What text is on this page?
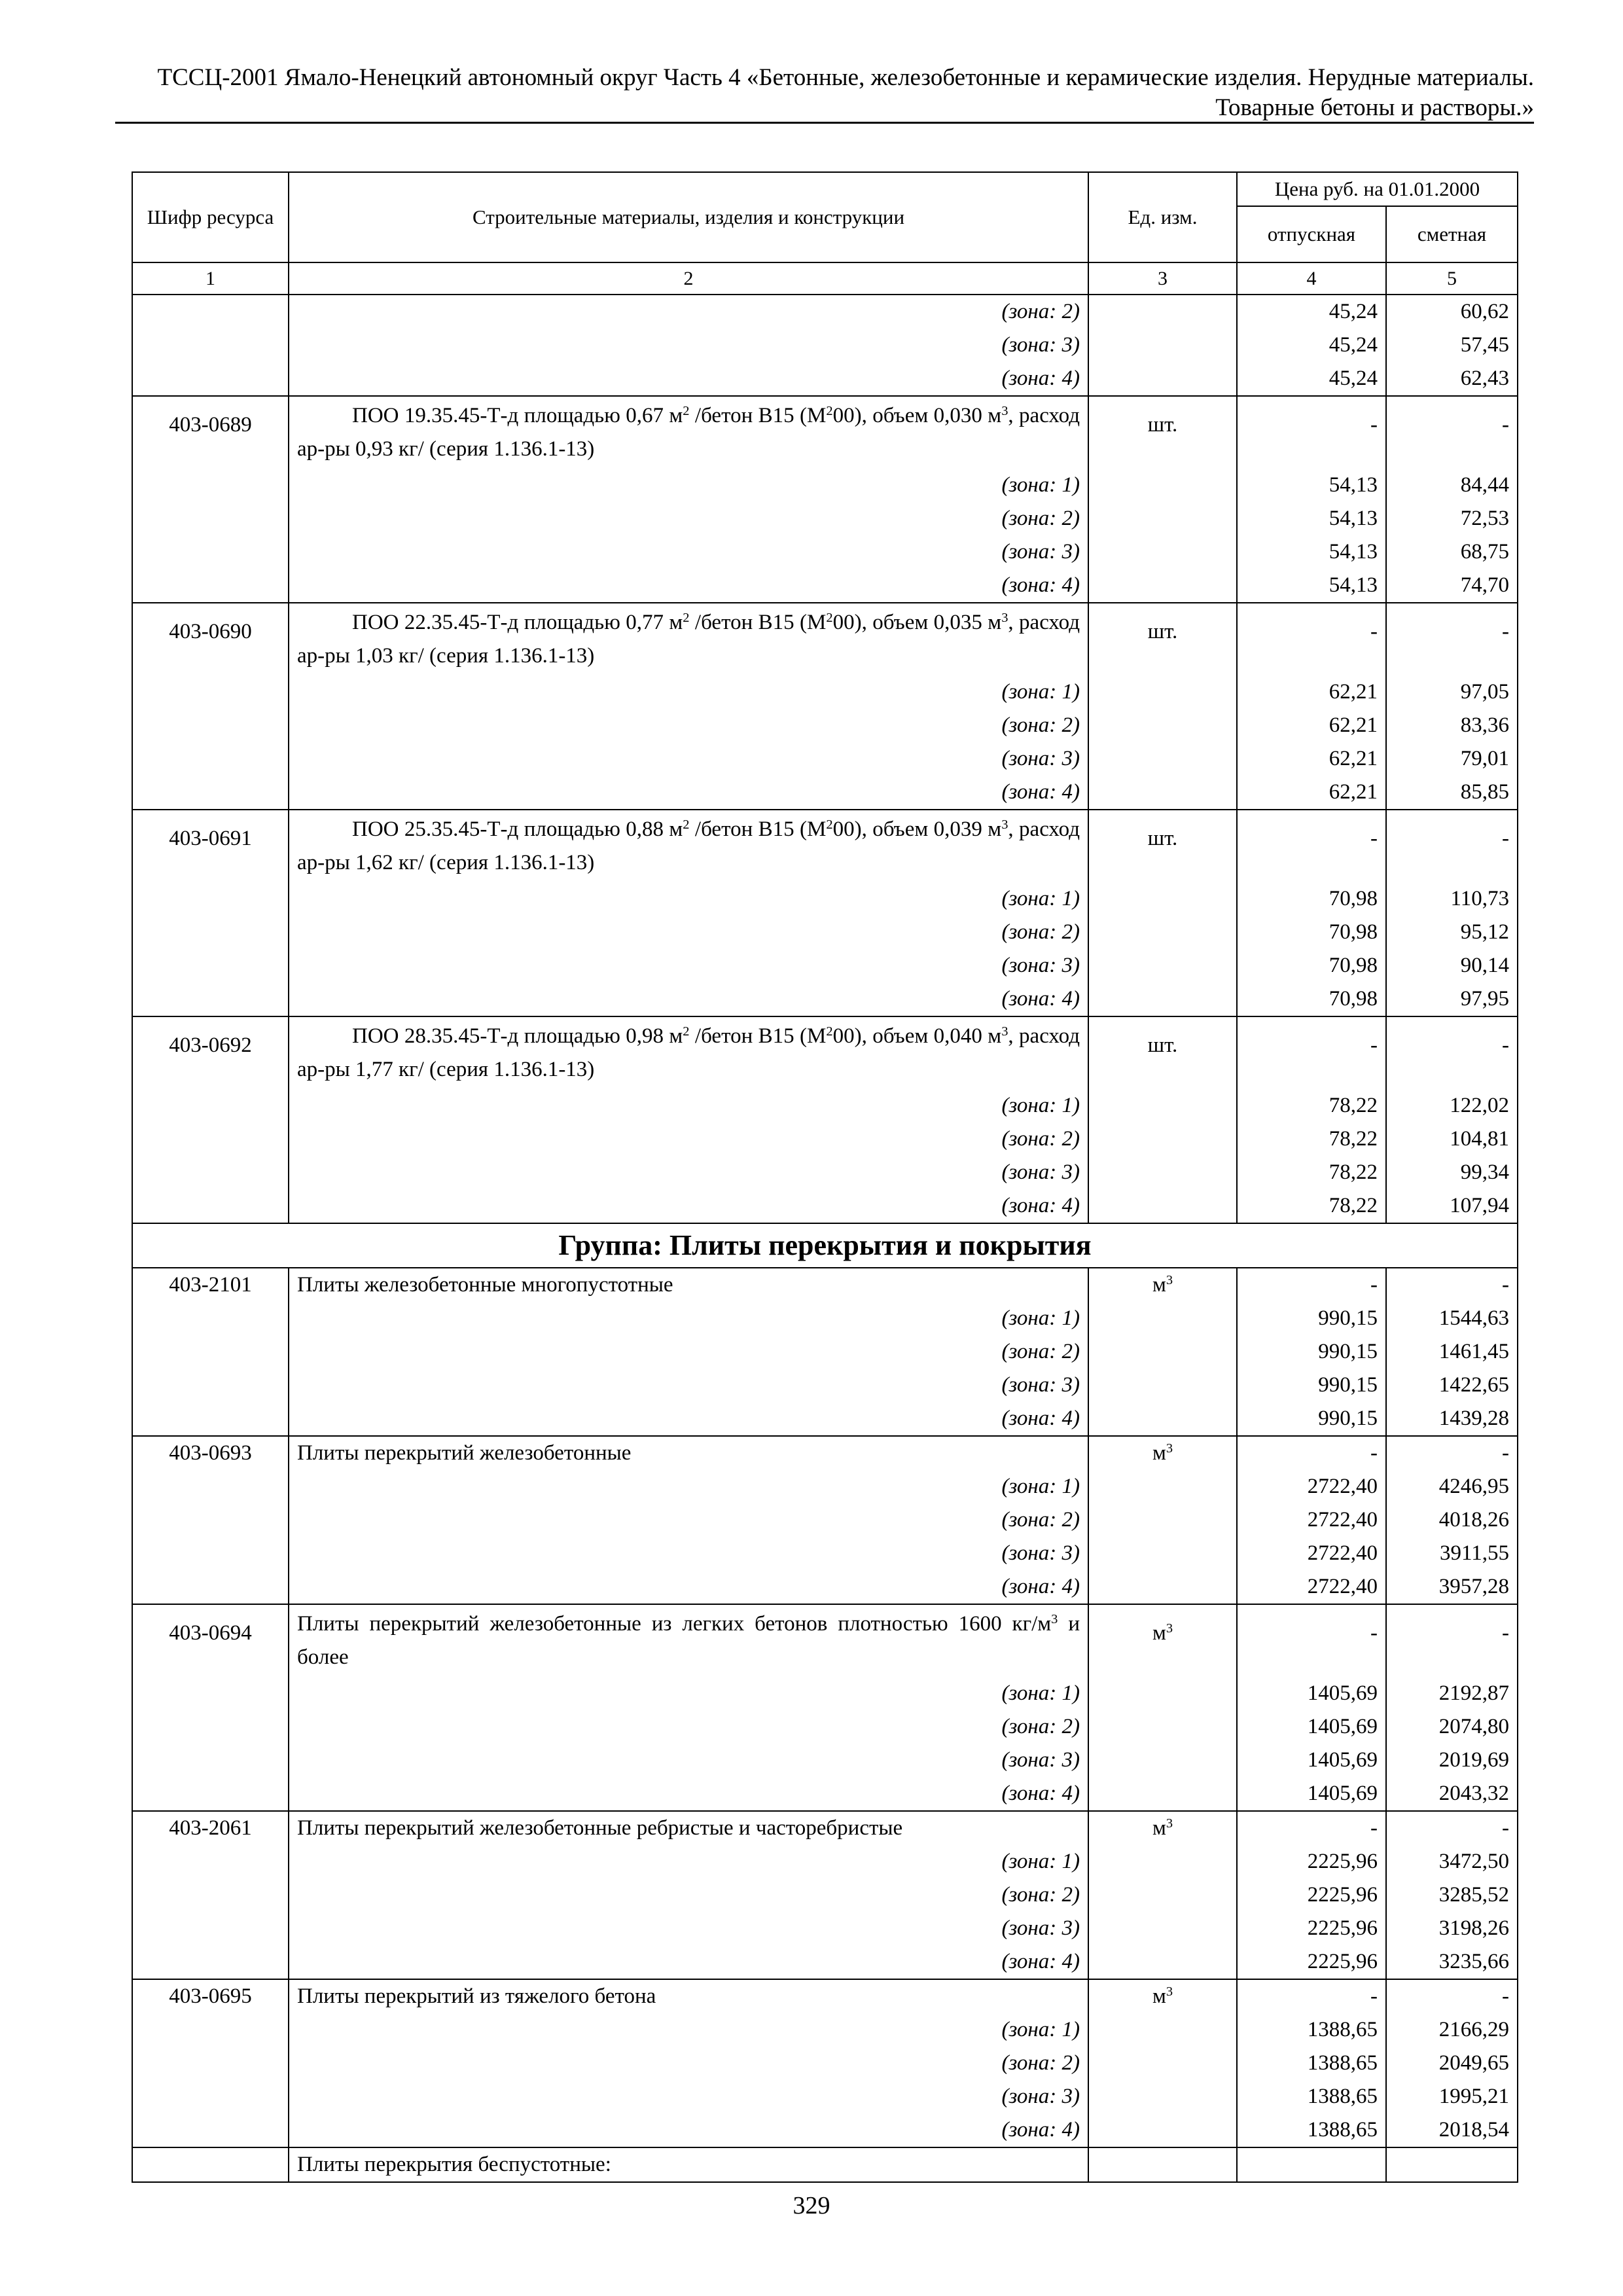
ТССЦ-2001 Ямало-Ненецкий автономный округ Часть 4 «Бетонные, железобетонные и керамические изделия. Нерудные материалы.
Товарные бетоны и растворы.»
Шифр ресурса	Строительные материалы, изделия и конструкции	Ед. изм.	Цена руб. на 01.01.2000	
			отпускная	сметная
1	2	3	4	5
	(зона: 2)		45,24	60,62
	(зона: 3)		45,24	57,45
	(зона: 4)		45,24	62,43
403-0689	ПОО 19.35.45-Т-д площадью 0,67 $м^2$ /бетон В15 $(М^200)$, объем 0,030 $м^3$, расход ар-ры 0,93 кг/ (серия 1.136.1-13)	шт.	-	-
	(зона: 1)		54,13	84,44
	(зона: 2)		54,13	72,53
	(зона: 3)		54,13	68,75
	(зона: 4)		54,13	74,70
403-0690	ПОО 22.35.45-Т-д площадью 0,77 $м^2$ /бетон В15 $(М^200)$, объем 0,035 $м^3$, расход ар-ры 1,03 кг/ (серия 1.136.1-13)	шт.	-	-
	(зона: 1)		62,21	97,05
	(зона: 2)		62,21	83,36
	(зона: 3)		62,21	79,01
	(зона: 4)		62,21	85,85
403-0691	ПОО 25.35.45-Т-д площадью 0,88 $м^2$ /бетон В15 $(М^200)$, объем 0,039 $м^3$, расход ар-ры 1,62 кг/ (серия 1.136.1-13)	шт.	-	-
	(зона: 1)		70,98	110,73
	(зона: 2)		70,98	95,12
	(зона: 3)		70,98	90,14
	(зона: 4)		70,98	97,95
403-0692	ПОО 28.35.45-Т-д площадью 0,98 $м^2$ /бетон В15 $(М^200)$, объем 0,040 $м^3$, расход ар-ры 1,77 кг/ (серия 1.136.1-13)	шт.	-	-
	(зона: 1)		78,22	122,02
	(зона: 2)		78,22	104,81
	(зона: 3)		78,22	99,34
	(зона: 4)		78,22	107,94
Группа: Плиты перекрытия и покрытия				
403-2101	Плиты железобетонные многопустотные	$м^3$	-	-
	(зона: 1)		990,15	1544,63
	(зона: 2)		990,15	1461,45
	(зона: 3)		990,15	1422,65
	(зона: 4)		990,15	1439,28
403-0693	Плиты перекрытий железобетонные	$м^3$	-	-
	(зона: 1)		2722,40	4246,95
	(зона: 2)		2722,40	4018,26
	(зона: 3)		2722,40	3911,55
	(зона: 4)		2722,40	3957,28
403-0694	Плиты перекрытий железобетонные из легких бетонов плотностью 1600 $кг/м^3$ и более	$м^3$	-	-
	(зона: 1)		1405,69	2192,87
	(зона: 2)		1405,69	2074,80
	(зона: 3)		1405,69	2019,69
	(зона: 4)		1405,69	2043,32
403-2061	Плиты перекрытий железобетонные ребристые и часторебристые	$м^3$	-	-
	(зона: 1)		2225,96	3472,50
	(зона: 2)		2225,96	3285,52
	(зона: 3)		2225,96	3198,26
	(зона: 4)		2225,96	3235,66
403-0695	Плиты перекрытий из тяжелого бетона	$м^3$	-	-
	(зона: 1)		1388,65	2166,29
	(зона: 2)		1388,65	2049,65
	(зона: 3)		1388,65	1995,21
	(зона: 4)		1388,65	2018,54
	Плиты перекрытия беспустотные:			
329
